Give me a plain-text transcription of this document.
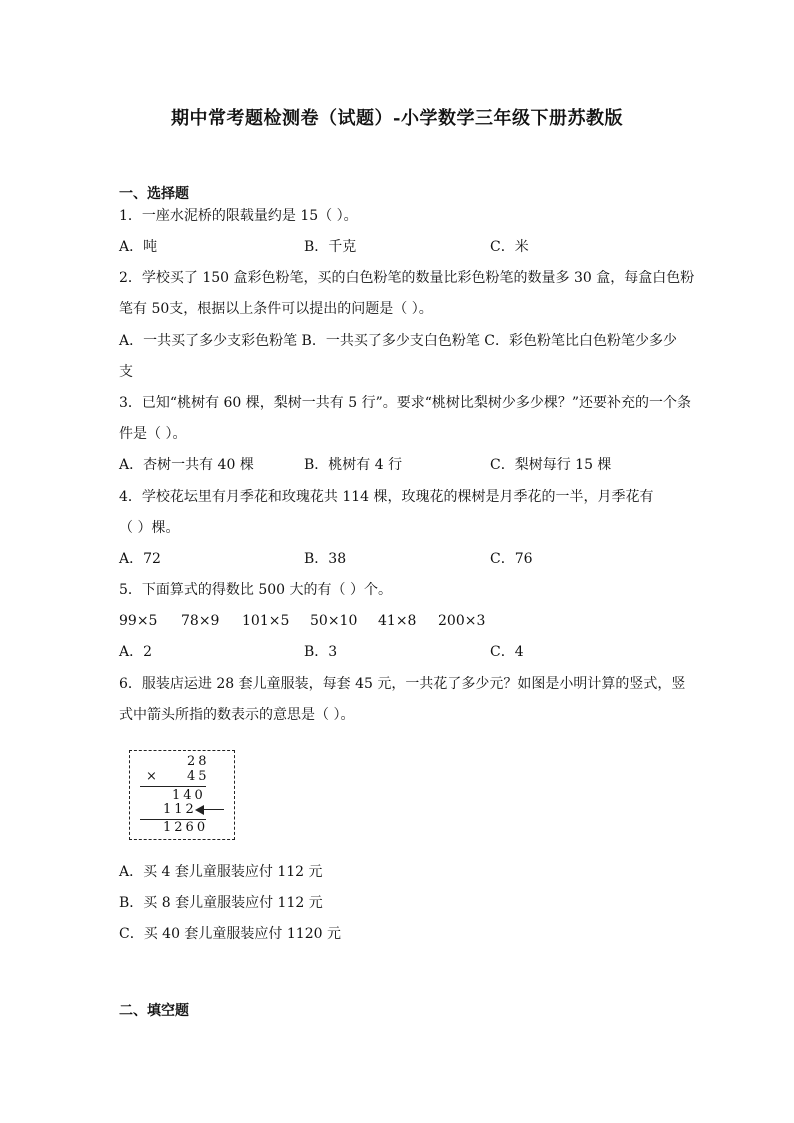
期中常考题检测卷（试题）-小学数学三年级下册苏教版
一、选择题
1．一座水泥桥的限载量约是 15（ ）。
A．吨	B．千克	C．米
2．学校买了 150 盒彩色粉笔，买的白色粉笔的数量比彩色粉笔的数量多 30 盒，每盒白色粉
笔有 50支，根据以上条件可以提出的问题是（ ）。
A．一共买了多少支彩色粉笔 B．一共买了多少支白色粉笔 C．彩色粉笔比白色粉笔少多少
支
3．已知“桃树有 60 棵，梨树一共有 5 行”。要求“桃树比梨树少多少棵？”还要补充的一个条
件是（ ）。
A．杏树一共有 40 棵	B．桃树有 4 行	C．梨树每行 15 棵
4．学校花坛里有月季花和玫瑰花共 114 棵，玫瑰花的棵树是月季花的一半，月季花有
（ ）棵。
A．72	B．38	C．76
5．下面算式的得数比 500 大的有（ ）个。
99×5 78×9 101×5 50×10 41×8 200×3
A．2	B．3	C．4
6．服装店运进 28 套儿童服装，每套 45 元，一共花了多少元？如图是小明计算的竖式，竖
式中箭头所指的数表示的意思是（ ）。
28
× 45
140
112
1260
A．买 4 套儿童服装应付 112 元
B．买 8 套儿童服装应付 112 元
C．买 40 套儿童服装应付 1120 元
二、填空题
